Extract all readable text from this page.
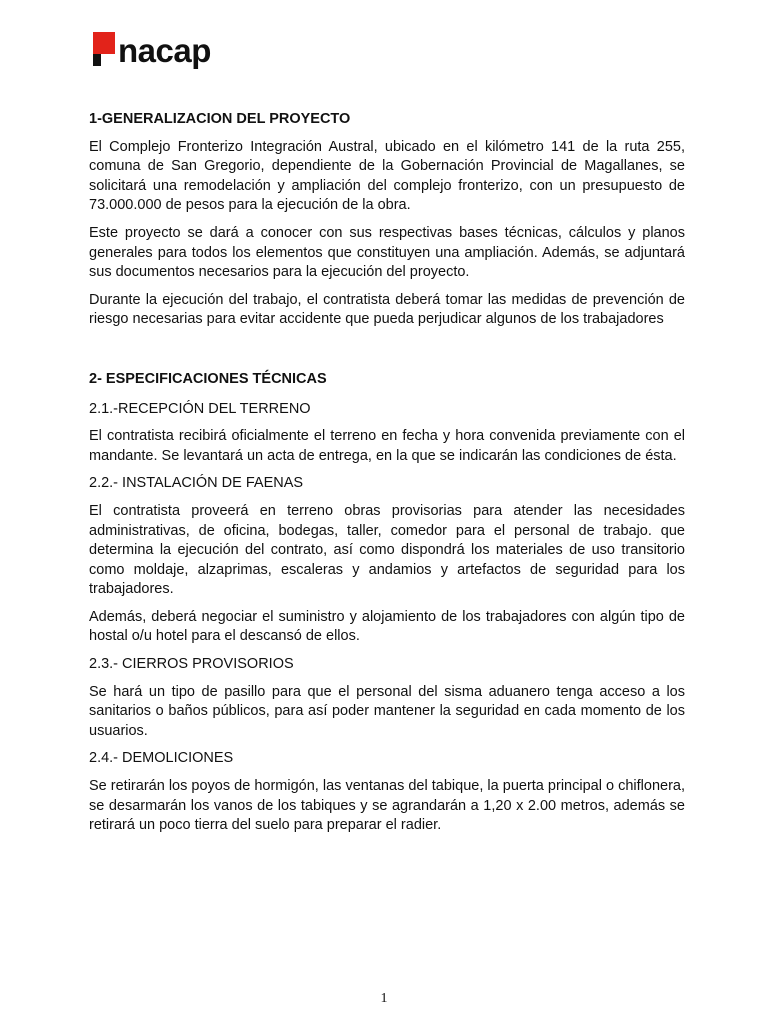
nacap

1-GENERALIZACION DEL PROYECTO

El Complejo Fronterizo Integración Austral, ubicado en el kilómetro 141 de la ruta 255, comuna de San Gregorio, dependiente de la Gobernación Provincial de Magallanes, se solicitará una remodelación y ampliación del complejo fronterizo, con un presupuesto de 73.000.000 de pesos para la ejecución de la obra.

Este proyecto se dará a conocer con sus respectivas bases técnicas, cálculos y planos generales para todos los elementos que constituyen una ampliación. Además, se adjuntará sus documentos necesarios para la ejecución del proyecto.

Durante la ejecución del trabajo, el contratista deberá tomar las medidas de prevención de riesgo necesarias para evitar accidente que pueda perjudicar algunos de los trabajadores

2- ESPECIFICACIONES TÉCNICAS

2.1.-RECEPCIÓN DEL TERRENO

El contratista recibirá oficialmente el terreno en fecha y hora convenida previamente con el mandante. Se levantará un acta de entrega, en la que se indicarán las condiciones de ésta.

2.2.- INSTALACIÓN DE FAENAS

El contratista proveerá en terreno obras provisorias para atender las necesidades administrativas, de oficina, bodegas, taller, comedor para el personal de trabajo. que determina la ejecución del contrato, así como dispondrá los materiales de uso transitorio como moldaje, alzaprimas, escaleras y andamios y artefactos de seguridad para los trabajadores.

Además, deberá negociar el suministro y alojamiento de los trabajadores con algún tipo de hostal o/u hotel para el descansó de ellos.

2.3.- CIERROS PROVISORIOS

Se hará un tipo de pasillo para que el personal del sisma aduanero tenga acceso a los sanitarios o baños públicos, para así poder mantener la seguridad en cada momento de los usuarios.

2.4.- DEMOLICIONES

Se retirarán los poyos de hormigón, las ventanas del tabique, la puerta principal o chiflonera, se desarmarán los vanos de los tabiques y se agrandarán a 1,20 x 2.00 metros, además se retirará un poco tierra del suelo para preparar el radier.

1
